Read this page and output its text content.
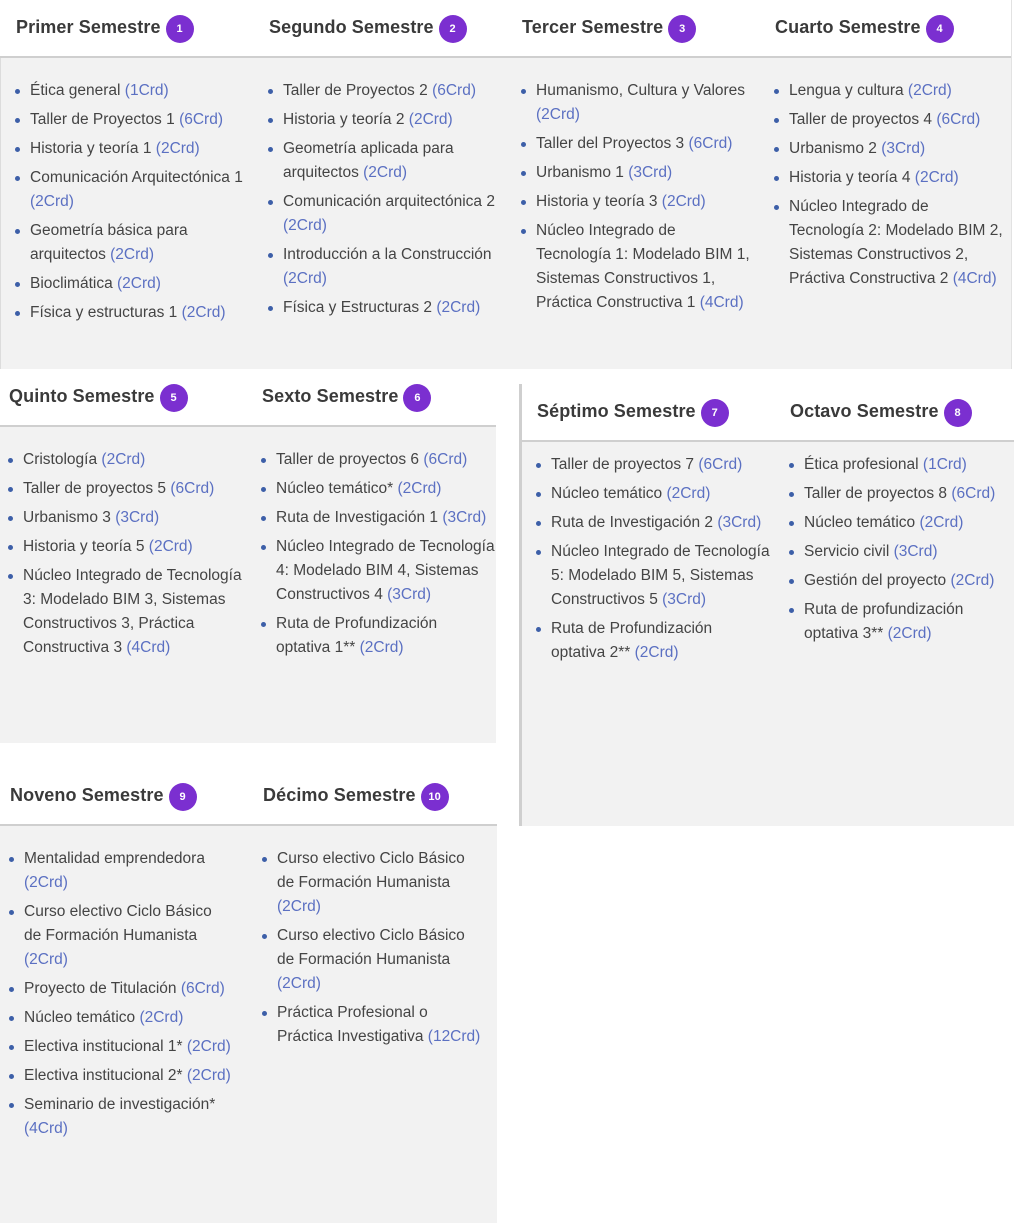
Primer Semestre	1
Ética general (1Crd)
Taller de Proyectos 1 (6Crd)
Historia y teoría 1 (2Crd)
Comunicación Arquitectónica 1 (2Crd)
Geometría básica para arquitectos (2Crd)
Bioclimática (2Crd)
Física y estructuras 1 (2Crd)
Segundo Semestre	2
Taller de Proyectos 2 (6Crd)
Historia y teoría 2 (2Crd)
Geometría aplicada para arquitectos (2Crd)
Comunicación arquitectónica 2 (2Crd)
Introducción a la Construcción (2Crd)
Física y Estructuras 2 (2Crd)
Tercer Semestre	3
Humanismo, Cultura y Valores (2Crd)
Taller del Proyectos 3 (6Crd)
Urbanismo 1 (3Crd)
Historia y teoría 3 (2Crd)
Núcleo Integrado de Tecnología 1: Modelado BIM 1, Sistemas Constructivos 1, Práctica Constructiva 1 (4Crd)
Cuarto Semestre	4
Lengua y cultura (2Crd)
Taller de proyectos 4 (6Crd)
Urbanismo 2 (3Crd)
Historia y teoría 4 (2Crd)
Núcleo Integrado de Tecnología 2: Modelado BIM 2, Sistemas Constructivos 2, Práctiva Constructiva 2 (4Crd)
Quinto Semestre	5
Cristología (2Crd)
Taller de proyectos 5 (6Crd)
Urbanismo 3 (3Crd)
Historia y teoría 5 (2Crd)
Núcleo Integrado de Tecnología 3: Modelado BIM 3, Sistemas Constructivos 3, Práctica Constructiva 3 (4Crd)
Sexto Semestre	6
Taller de proyectos 6 (6Crd)
Núcleo temático* (2Crd)
Ruta de Investigación 1 (3Crd)
Núcleo Integrado de Tecnología 4: Modelado BIM 4, Sistemas Constructivos 4 (3Crd)
Ruta de Profundización optativa 1** (2Crd)
Séptimo Semestre	7
Taller de proyectos 7 (6Crd)
Núcleo temático (2Crd)
Ruta de Investigación 2 (3Crd)
Núcleo Integrado de Tecnología 5: Modelado BIM 5, Sistemas Constructivos 5 (3Crd)
Ruta de Profundización optativa 2** (2Crd)
Octavo Semestre	8
Ética profesional (1Crd)
Taller de proyectos 8 (6Crd)
Núcleo temático (2Crd)
Servicio civil (3Crd)
Gestión del proyecto (2Crd)
Ruta de profundización optativa 3** (2Crd)
Noveno Semestre	9
Mentalidad emprendedora (2Crd)
Curso electivo Ciclo Básico de Formación Humanista (2Crd)
Proyecto de Titulación (6Crd)
Núcleo temático (2Crd)
Electiva institucional 1* (2Crd)
Electiva institucional 2* (2Crd)
Seminario de investigación* (4Crd)
Décimo Semestre	10
Curso electivo Ciclo Básico de Formación Humanista (2Crd)
Curso electivo Ciclo Básico de Formación Humanista (2Crd)
Práctica Profesional o Práctica Investigativa (12Crd)
